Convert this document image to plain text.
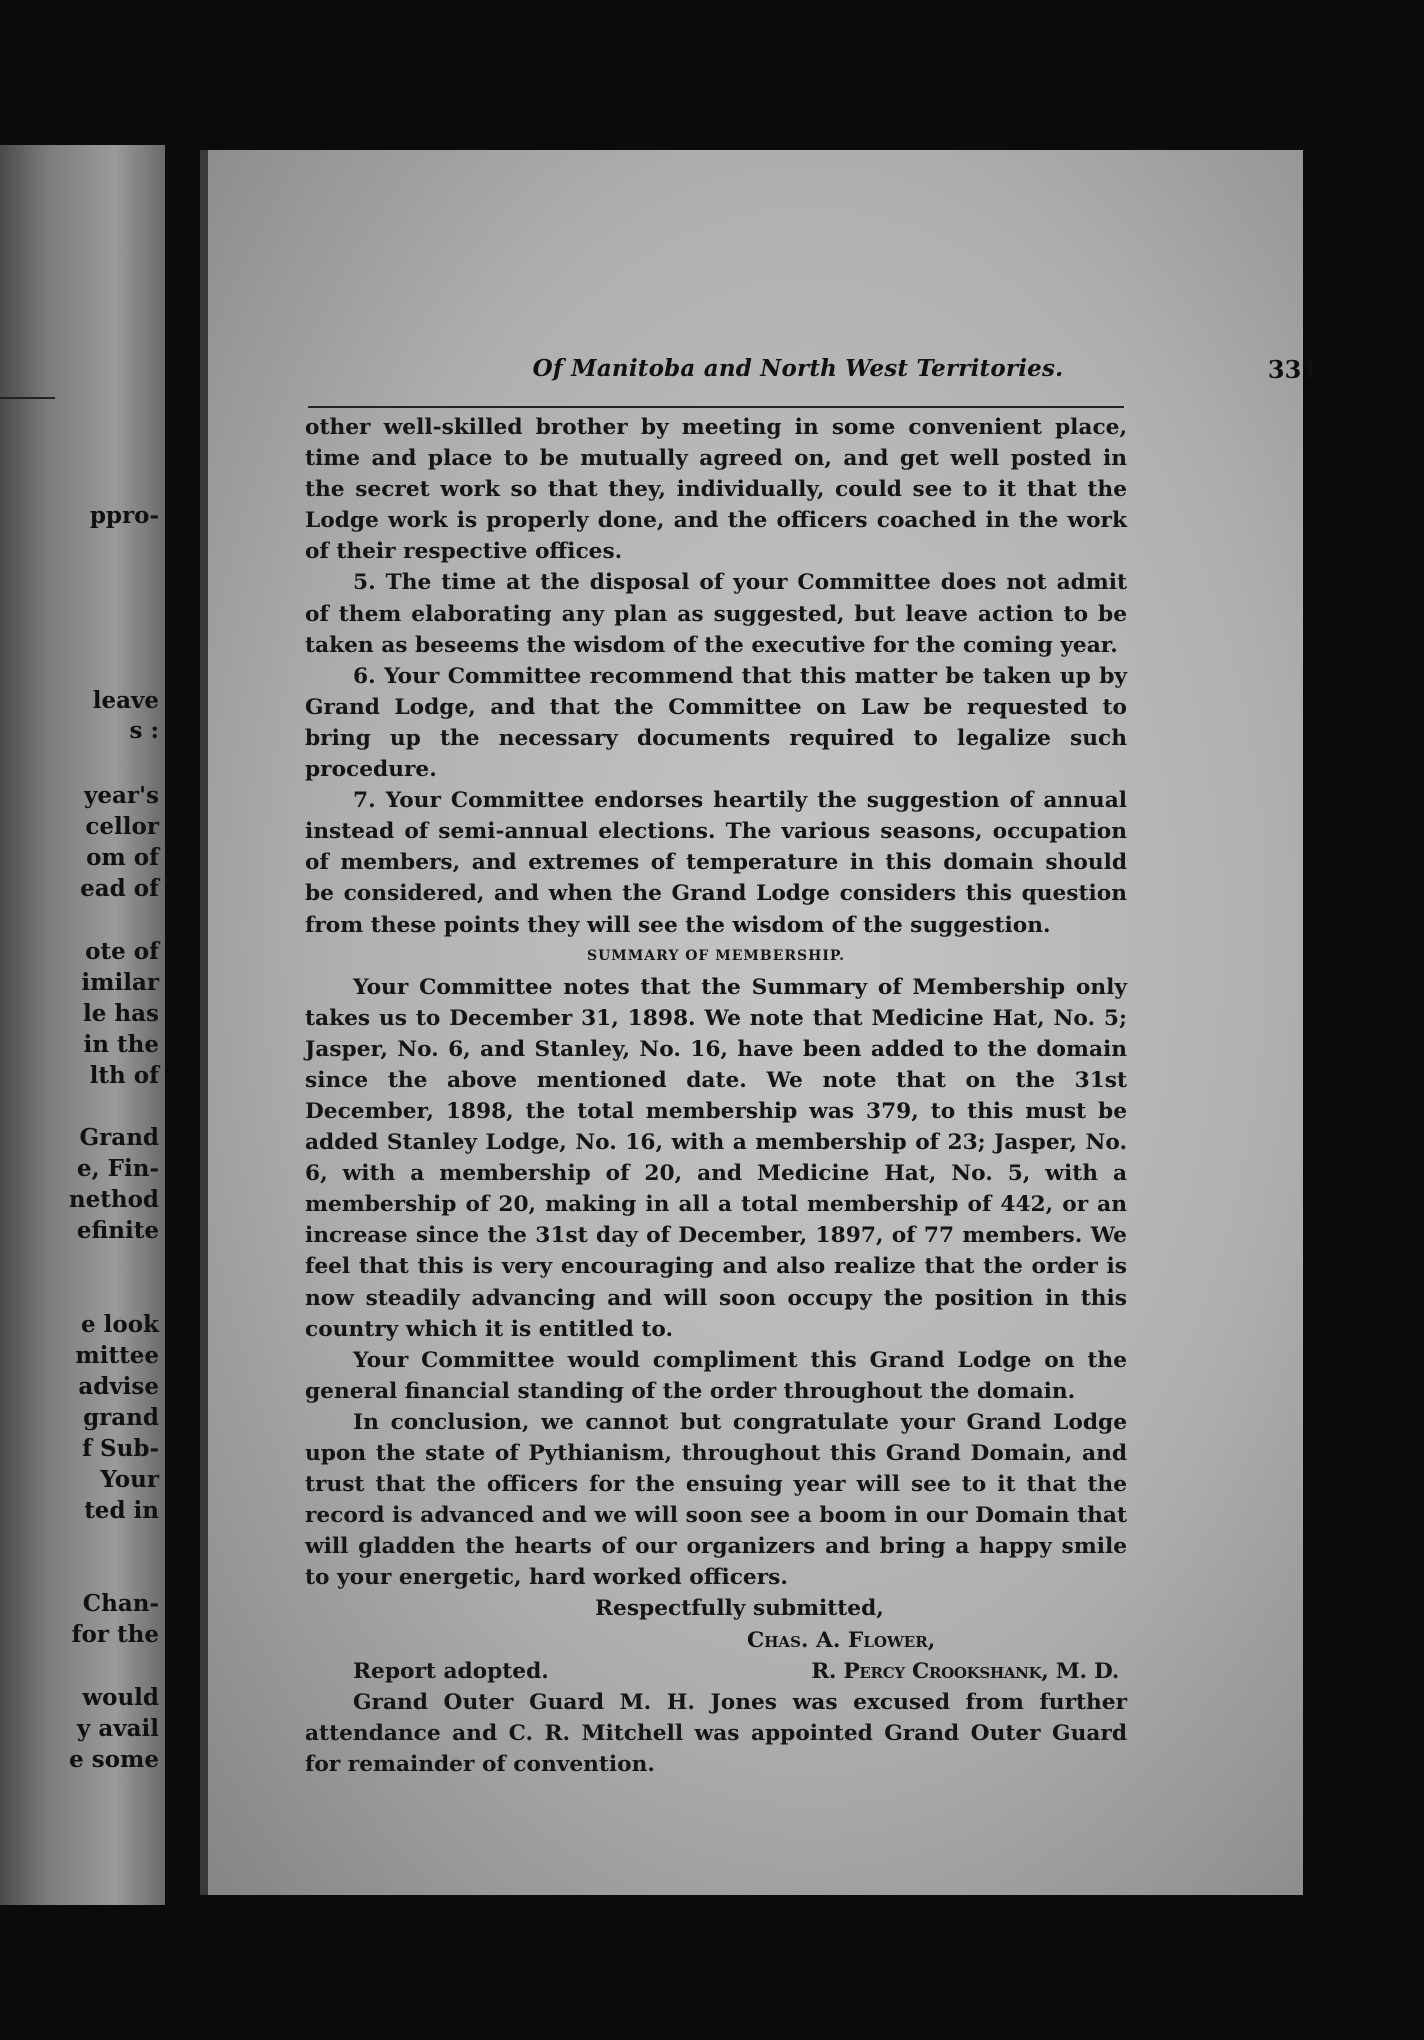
ppro-
leave
s :
year's
cellor
om of
ead of
ote of
imilar
le has
in the
lth of
Grand
e, Fin-
nethod
efinite
e look
mittee
advise
grand
f Sub-
Your
ted in
Chan-
for the
would
y avail
e some
Of Manitoba and North West Territories.	331

other well-skilled brother by meeting in some convenient place, time and place to be mutually agreed on, and get well posted in the secret work so that they, individually, could see to it that the Lodge work is properly done, and the officers coached in the work of their respective offices.

5. The time at the disposal of your Committee does not admit of them elaborating any plan as suggested, but leave action to be taken as beseems the wisdom of the executive for the coming year.

6. Your Committee recommend that this matter be taken up by Grand Lodge, and that the Committee on Law be requested to bring up the necessary documents required to legalize such procedure.

7. Your Committee endorses heartily the suggestion of annual instead of semi-annual elections. The various seasons, occupation of members, and extremes of temperature in this domain should be considered, and when the Grand Lodge considers this question from these points they will see the wisdom of the suggestion.

SUMMARY OF MEMBERSHIP.

Your Committee notes that the Summary of Membership only takes us to December 31, 1898. We note that Medicine Hat, No. 5; Jasper, No. 6, and Stanley, No. 16, have been added to the domain since the above mentioned date. We note that on the 31st December, 1898, the total membership was 379, to this must be added Stanley Lodge, No. 16, with a membership of 23; Jasper, No. 6, with a membership of 20, and Medicine Hat, No. 5, with a membership of 20, making in all a total membership of 442, or an increase since the 31st day of December, 1897, of 77 members. We feel that this is very encouraging and also realize that the order is now steadily advancing and will soon occupy the position in this country which it is entitled to.

Your Committee would compliment this Grand Lodge on the general financial standing of the order throughout the domain.

In conclusion, we cannot but congratulate your Grand Lodge upon the state of Pythianism, throughout this Grand Domain, and trust that the officers for the ensuing year will see to it that the record is advanced and we will soon see a boom in our Domain that will gladden the hearts of our organizers and bring a happy smile to your energetic, hard worked officers.

Respectfully submitted,

Chas. A. Flower,

Report adopted.	R. Percy Crookshank, M. D.

Grand Outer Guard M. H. Jones was excused from further attendance and C. R. Mitchell was appointed Grand Outer Guard for remainder of convention.
